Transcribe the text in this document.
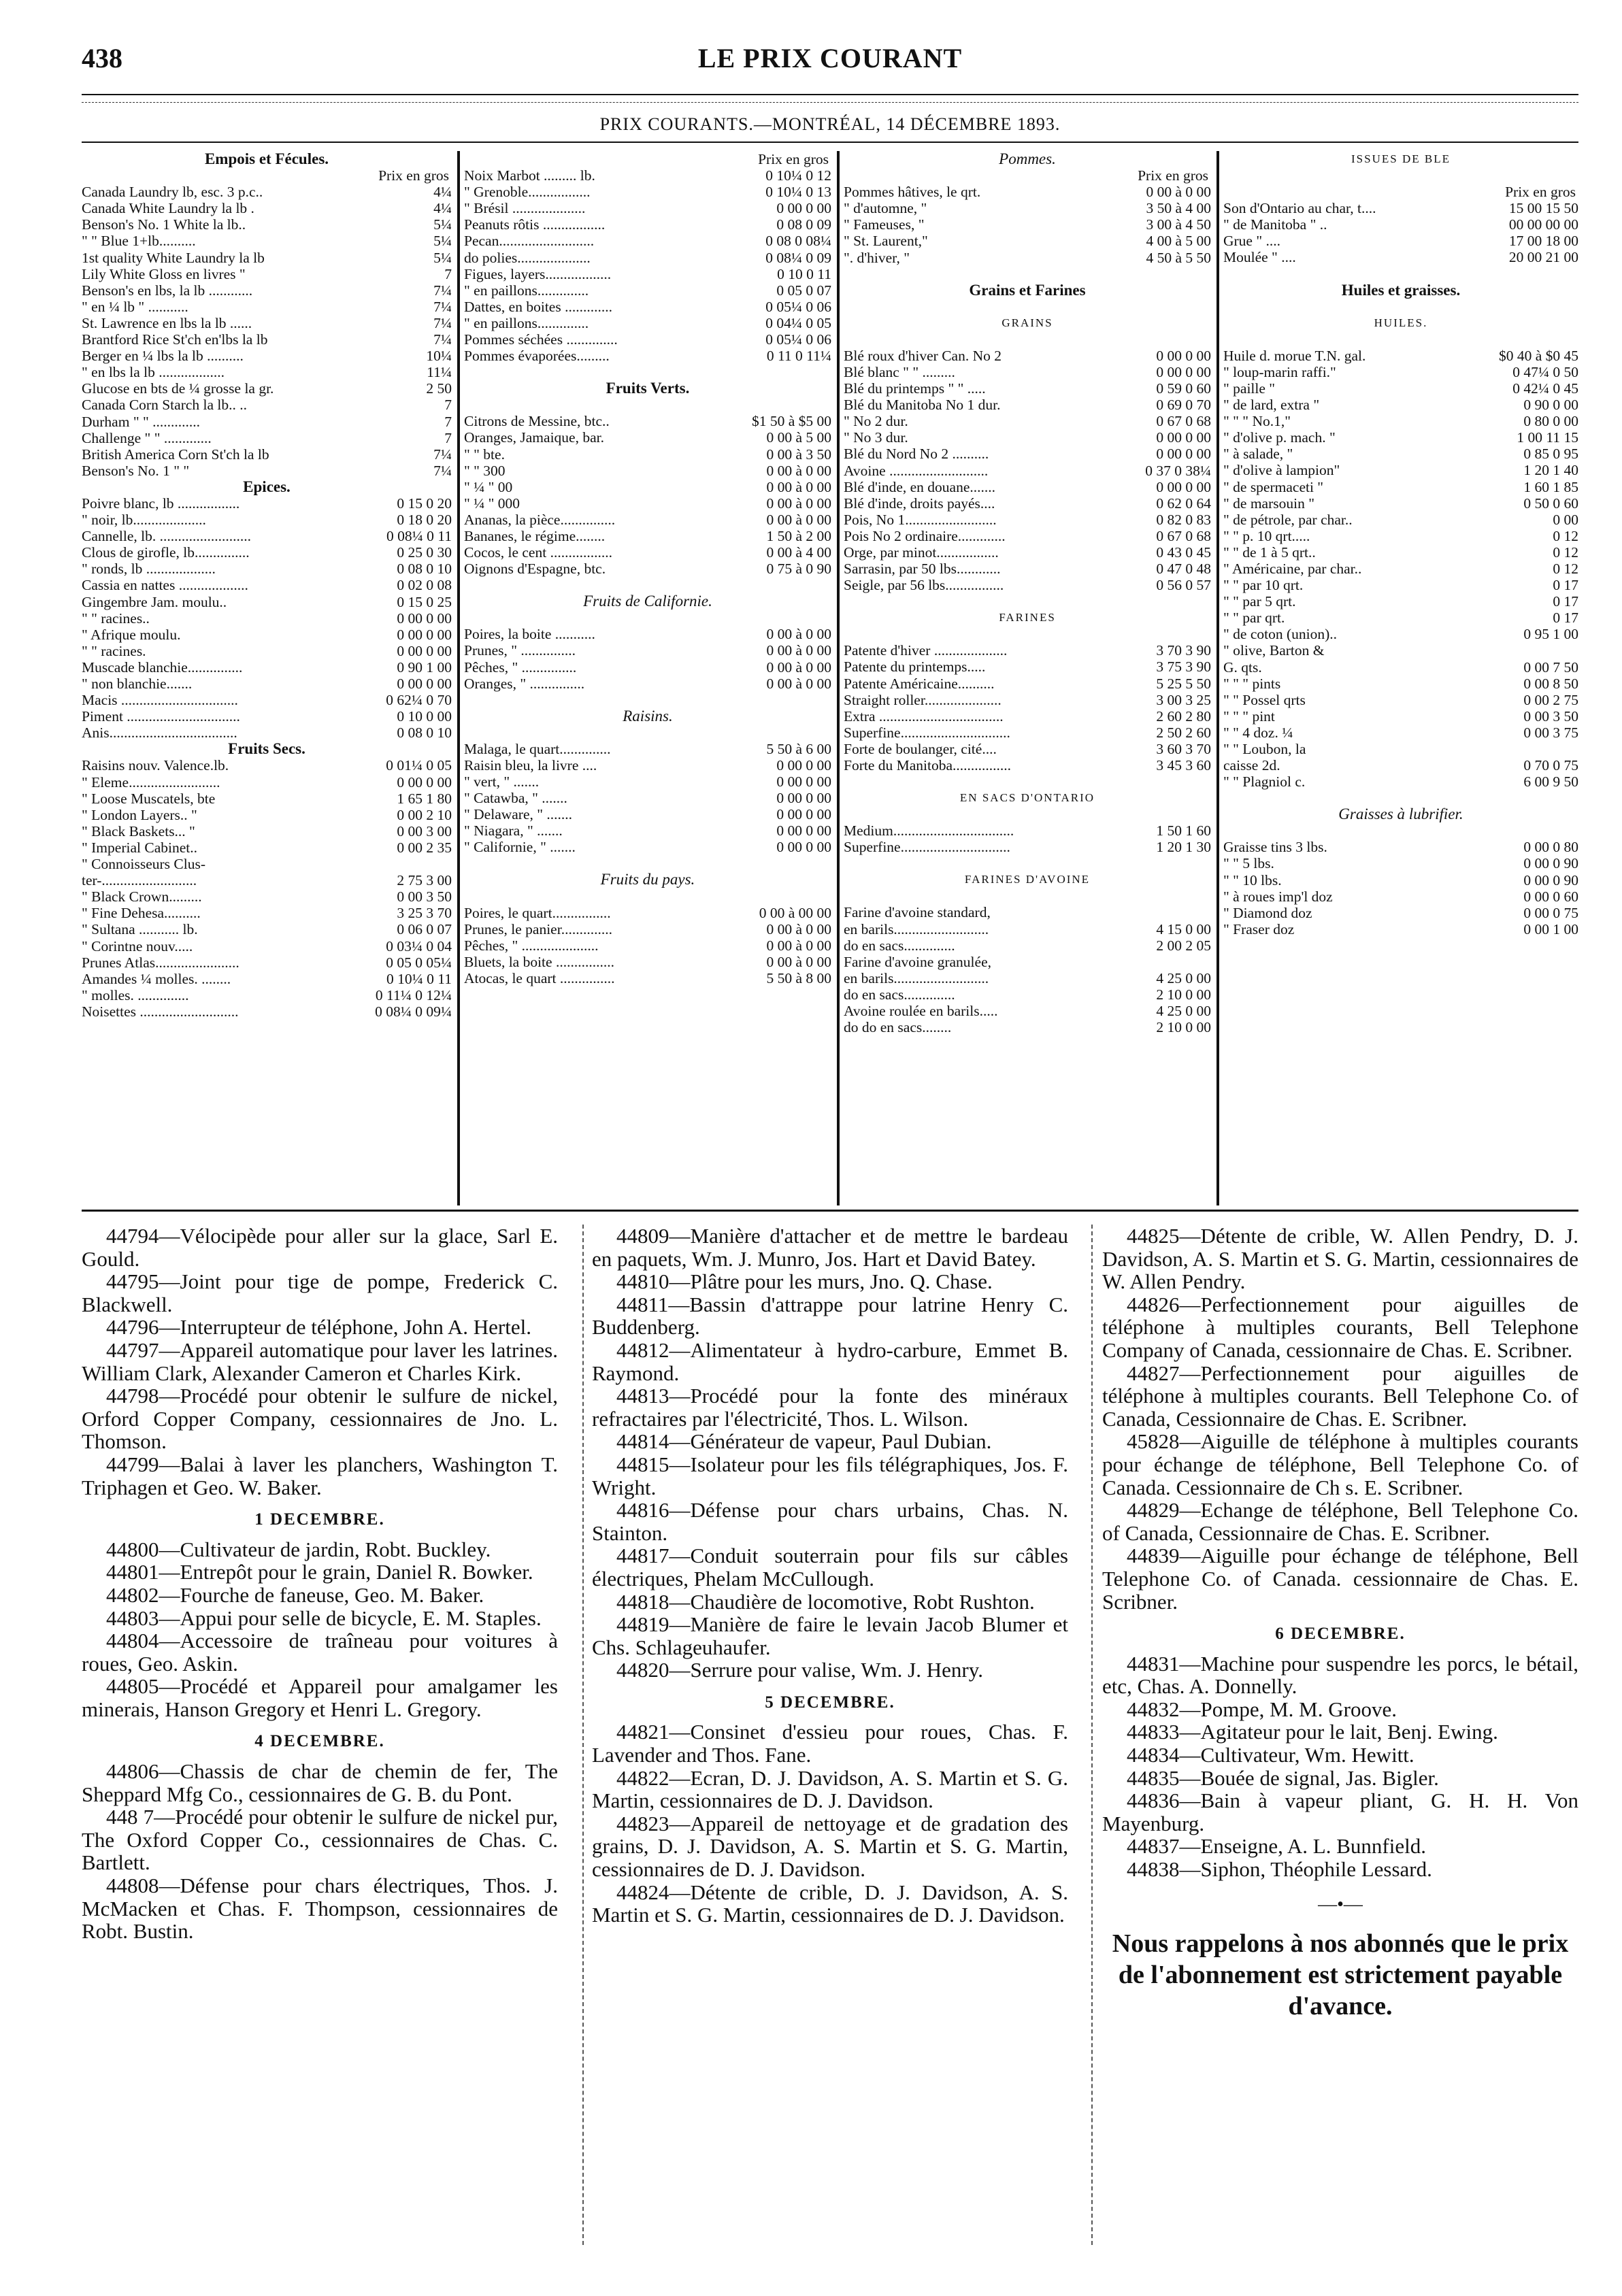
438	LE PRIX COURANT
PRIX COURANTS.—MONTRÉAL, 14 DÉCEMBRE 1893.
Empois et Fécules.
Prix en gros
Canada Laundry lb, esc. 3 p.c..	4¼
Canada White Laundry la lb .	4¼
Benson's No. 1 White la lb..	5¼
" " Blue 1+lb..........	5¼
1st quality White Laundry la lb	5¼
Lily White Gloss en livres "	7
Benson's en lbs, la lb ............	7¼
" en ¼ lb " ...........	7¼
St. Lawrence en lbs la lb ......	7¼
Brantford Rice St'ch en'lbs la lb	7¼
Berger en ¼ lbs la lb ..........	10¼
" en lbs la lb ..................	11¼
Glucose en bts de ¼ grosse la gr.	2 50
Canada Corn Starch la lb.. ..	7
Durham " " .............	7
Challenge " " .............	7
British America Corn St'ch la lb	7¼
Benson's No. 1 " "	7¼
Epices.
Poivre blanc, lb .................	0 15 0 20
" noir, lb....................	0 18 0 20
Cannelle, lb. .........................	0 08¼ 0 11
Clous de girofle, lb...............	0 25 0 30
" ronds, lb ...................	0 08 0 10
Cassia en nattes ...................	0 02 0 08
Gingembre Jam. moulu..	0 15 0 25
" " racines..	0 00 0 00
" Afrique moulu.	0 00 0 00
" " racines.	0 00 0 00
Muscade blanchie...............	0 90 1 00
" non blanchie.......	0 00 0 00
Macis ................................	0 62¼ 0 70
Piment ...............................	0 10 0 00
Anis...................................	0 08 0 10
Fruits Secs.
Raisins nouv. Valence.lb.	0 01¼ 0 05
" Eleme.........................	0 00 0 00
" Loose Muscatels, bte	1 65 1 80
" London Layers.. "	0 00 2 10
" Black Baskets... "	0 00 3 00
" Imperial Cabinet..	0 00 2 35
" Connoisseurs Clus-
ter-..........................	2 75 3 00
" Black Crown.........	0 00 3 50
" Fine Dehesa..........	3 25 3 70
" Sultana ........... lb.	0 06 0 07
" Corintne nouv.....	0 03¼ 0 04
Prunes Atlas.......................	0 05 0 05¼
Amandes ¼ molles. ........	0 10¼ 0 11
" molles. ..............	0 11¼ 0 12¼
Noisettes ...........................	0 08¼ 0 09¼
Prix en gros
Noix Marbot ......... lb.	0 10¼ 0 12
" Grenoble.................	0 10¼ 0 13
" Brésil ....................	0 00 0 00
Peanuts rôtis .................	0 08 0 09
Pecan..........................	0 08 0 08¼
do polies....................	0 08¼ 0 09
Figues, layers..................	0 10 0 11
" en paillons..............	0 05 0 07
Dattes, en boites .............	0 05¼ 0 06
" en paillons..............	0 04¼ 0 05
Pommes séchées ..............	0 05¼ 0 06
Pommes évaporées.........	0 11 0 11¼
Fruits Verts.
Citrons de Messine, btc..	$1 50 à $5 00
Oranges, Jamaique, bar.	0 00 à 5 00
" " bte.	0 00 à 3 50
" " 300	0 00 à 0 00
" ¼ " 00	0 00 à 0 00
" ¼ " 000	0 00 à 0 00
Ananas, la pièce...............	0 00 à 0 00
Bananes, le régime........	1 50 à 2 00
Cocos, le cent .................	0 00 à 4 00
Oignons d'Espagne, btc.	0 75 à 0 90
Fruits de Californie.
Poires, la boite ...........	0 00 à 0 00
Prunes, " ...............	0 00 à 0 00
Pêches, " ...............	0 00 à 0 00
Oranges, " ...............	0 00 à 0 00
Raisins.
Malaga, le quart..............	5 50 à 6 00
Raisin bleu, la livre ....	0 00 0 00
" vert, " .......	0 00 0 00
" Catawba, " .......	0 00 0 00
" Delaware, " .......	0 00 0 00
" Niagara, " .......	0 00 0 00
" Californie, " .......	0 00 0 00
Fruits du pays.
Poires, le quart................	0 00 à 00 00
Prunes, le panier..............	0 00 à 0 00
Pêches, " .....................	0 00 à 0 00
Bluets, la boite ................	0 00 à 0 00
Atocas, le quart ...............	5 50 à 8 00
Pommes.
Prix en gros
Pommes hâtives, le qrt.	0 00 à 0 00
" d'automne, "	3 50 à 4 00
" Fameuses, "	3 00 à 4 50
" St. Laurent,"	4 00 à 5 00
". d'hiver, "	4 50 à 5 50
Grains et Farines
GRAINS
Blé roux d'hiver Can. No 2	0 00 0 00
Blé blanc " " .........	0 00 0 00
Blé du printemps " " .....	0 59 0 60
Blé du Manitoba No 1 dur.	0 69 0 70
" No 2 dur.	0 67 0 68
" No 3 dur.	0 00 0 00
Blé du Nord No 2 ..........	0 00 0 00
Avoine ...........................	0 37 0 38¼
Blé d'inde, en douane.......	0 00 0 00
Blé d'inde, droits payés....	0 62 0 64
Pois, No 1.........................	0 82 0 83
Pois No 2 ordinaire.............	0 67 0 68
Orge, par minot.................	0 43 0 45
Sarrasin, par 50 lbs............	0 47 0 48
Seigle, par 56 lbs................	0 56 0 57
FARINES
Patente d'hiver ....................	3 70 3 90
Patente du printemps.....	3 75 3 90
Patente Américaine..........	5 25 5 50
Straight roller.....................	3 00 3 25
Extra ..................................	2 60 2 80
Superfine..............................	2 50 2 60
Forte de boulanger, cité....	3 60 3 70
Forte du Manitoba................	3 45 3 60
EN SACS D'ONTARIO
Medium.................................	1 50 1 60
Superfine..............................	1 20 1 30
FARINES D'AVOINE
Farine d'avoine standard,
en barils..........................	4 15 0 00
do en sacs..............	2 00 2 05
Farine d'avoine granulée,
en barils..........................	4 25 0 00
do en sacs..............	2 10 0 00
Avoine roulée en barils.....	4 25 0 00
do do en sacs........	2 10 0 00
ISSUES DE BLE
Prix en gros
Son d'Ontario au char, t....	15 00 15 50
" de Manitoba " ..	00 00 00 00
Grue " ....	17 00 18 00
Moulée " ....	20 00 21 00
Huiles et graisses.
HUILES.
Huile d. morue T.N. gal.	$0 40 à $0 45
" loup-marin raffi."	0 47¼ 0 50
" paille "	0 42¼ 0 45
" de lard, extra "	0 90 0 00
" " " No.1,"	0 80 0 00
" d'olive p. mach. "	1 00 11 15
" à salade, "	0 85 0 95
" d'olive à lampion"	1 20 1 40
" de spermaceti "	1 60 1 85
" de marsouin "	0 50 0 60
" de pétrole, par char..	0 00
" " p. 10 qrt.....	0 12
" " de 1 à 5 qrt..	0 12
" Américaine, par char..	0 12
" " par 10 qrt.	0 17
" " par 5 qrt.	0 17
" " par qrt.	0 17
" de coton (union)..	0 95 1 00
" olive, Barton &
G. qts.	0 00 7 50
" " " pints	0 00 8 50
" " Possel qrts	0 00 2 75
" " " pint	0 00 3 50
" " 4 doz. ¼	0 00 3 75
" " Loubon, la
caisse 2d.	0 70 0 75
" " Plagniol c.	6 00 9 50
Graisses à lubrifier.
Graisse tins 3 lbs.	0 00 0 80
" " 5 lbs.	0 00 0 90
" " 10 lbs.	0 00 0 90
" à roues imp'l doz	0 00 0 60
" Diamond doz	0 00 0 75
" Fraser doz	0 00 1 00

44794—Vélocipède pour aller sur la glace, Sarl E. Gould.

44795—Joint pour tige de pompe, Frederick C. Blackwell.

44796—Interrupteur de téléphone, John A. Hertel.

44797—Appareil automatique pour laver les latrines. William Clark, Alexander Cameron et Charles Kirk.

44798—Procédé pour obtenir le sulfure de nickel, Orford Copper Company, cessionnaires de Jno. L. Thomson.

44799—Balai à laver les planchers, Washington T. Triphagen et Geo. W. Baker.

1 DECEMBRE.

44800—Cultivateur de jardin, Robt. Buckley.

44801—Entrepôt pour le grain, Daniel R. Bowker.

44802—Fourche de faneuse, Geo. M. Baker.

44803—Appui pour selle de bicycle, E. M. Staples.

44804—Accessoire de traîneau pour voitures à roues, Geo. Askin.

44805—Procédé et Appareil pour amalgamer les minerais, Hanson Gregory et Henri L. Gregory.

4 DECEMBRE.

44806—Chassis de char de chemin de fer, The Sheppard Mfg Co., cessionnaires de G. B. du Pont.

448 7—Procédé pour obtenir le sulfure de nickel pur, The Oxford Copper Co., cessionnaires de Chas. C. Bartlett.

44808—Défense pour chars électriques, Thos. J. McMacken et Chas. F. Thompson, cessionnaires de Robt. Bustin.

44809—Manière d'attacher et de mettre le bardeau en paquets, Wm. J. Munro, Jos. Hart et David Batey.

44810—Plâtre pour les murs, Jno. Q. Chase.

44811—Bassin d'attrappe pour latrine Henry C. Buddenberg.

44812—Alimentateur à hydro-carbure, Emmet B. Raymond.

44813—Procédé pour la fonte des minéraux refractaires par l'électricité, Thos. L. Wilson.

44814—Générateur de vapeur, Paul Dubian.

44815—Isolateur pour les fils télégraphiques, Jos. F. Wright.

44816—Défense pour chars urbains, Chas. N. Stainton.

44817—Conduit souterrain pour fils sur câbles électriques, Phelam McCullough.

44818—Chaudière de locomotive, Robt Rushton.

44819—Manière de faire le levain Jacob Blumer et Chs. Schlageuhaufer.

44820—Serrure pour valise, Wm. J. Henry.

5 DECEMBRE.

44821—Consinet d'essieu pour roues, Chas. F. Lavender and Thos. Fane.

44822—Ecran, D. J. Davidson, A. S. Martin et S. G. Martin, cessionnaires de D. J. Davidson.

44823—Appareil de nettoyage et de gradation des grains, D. J. Davidson, A. S. Martin et S. G. Martin, cessionnaires de D. J. Davidson.

44824—Détente de crible, D. J. Davidson, A. S. Martin et S. G. Martin, cessionnaires de D. J. Davidson.

44825—Détente de crible, W. Allen Pendry, D. J. Davidson, A. S. Martin et S. G. Martin, cessionnaires de W. Allen Pendry.

44826—Perfectionnement pour aiguilles de téléphone à multiples courants, Bell Telephone Company of Canada, cessionnaire de Chas. E. Scribner.

44827—Perfectionnement pour aiguilles de téléphone à multiples courants. Bell Telephone Co. of Canada, Cessionnaire de Chas. E. Scribner.

45828—Aiguille de téléphone à multiples courants pour échange de téléphone, Bell Telephone Co. of Canada. Cessionnaire de Ch s. E. Scribner.

44829—Echange de téléphone, Bell Telephone Co. of Canada, Cessionnaire de Chas. E. Scribner.

44839—Aiguille pour échange de téléphone, Bell Telephone Co. of Canada. cessionnaire de Chas. E. Scribner.

6 DECEMBRE.

44831—Machine pour suspendre les porcs, le bétail, etc, Chas. A. Donnelly.

44832—Pompe, M. M. Groove.

44833—Agitateur pour le lait, Benj. Ewing.

44834—Cultivateur, Wm. Hewitt.

44835—Bouée de signal, Jas. Bigler.

44836—Bain à vapeur pliant, G. H. H. Von Mayenburg.

44837—Enseigne, A. L. Bunnfield.

44838—Siphon, Théophile Lessard.

—•—
Nous rappelons à nos abonnés que le prix de l'abonnement est strictement payable d'avance.
